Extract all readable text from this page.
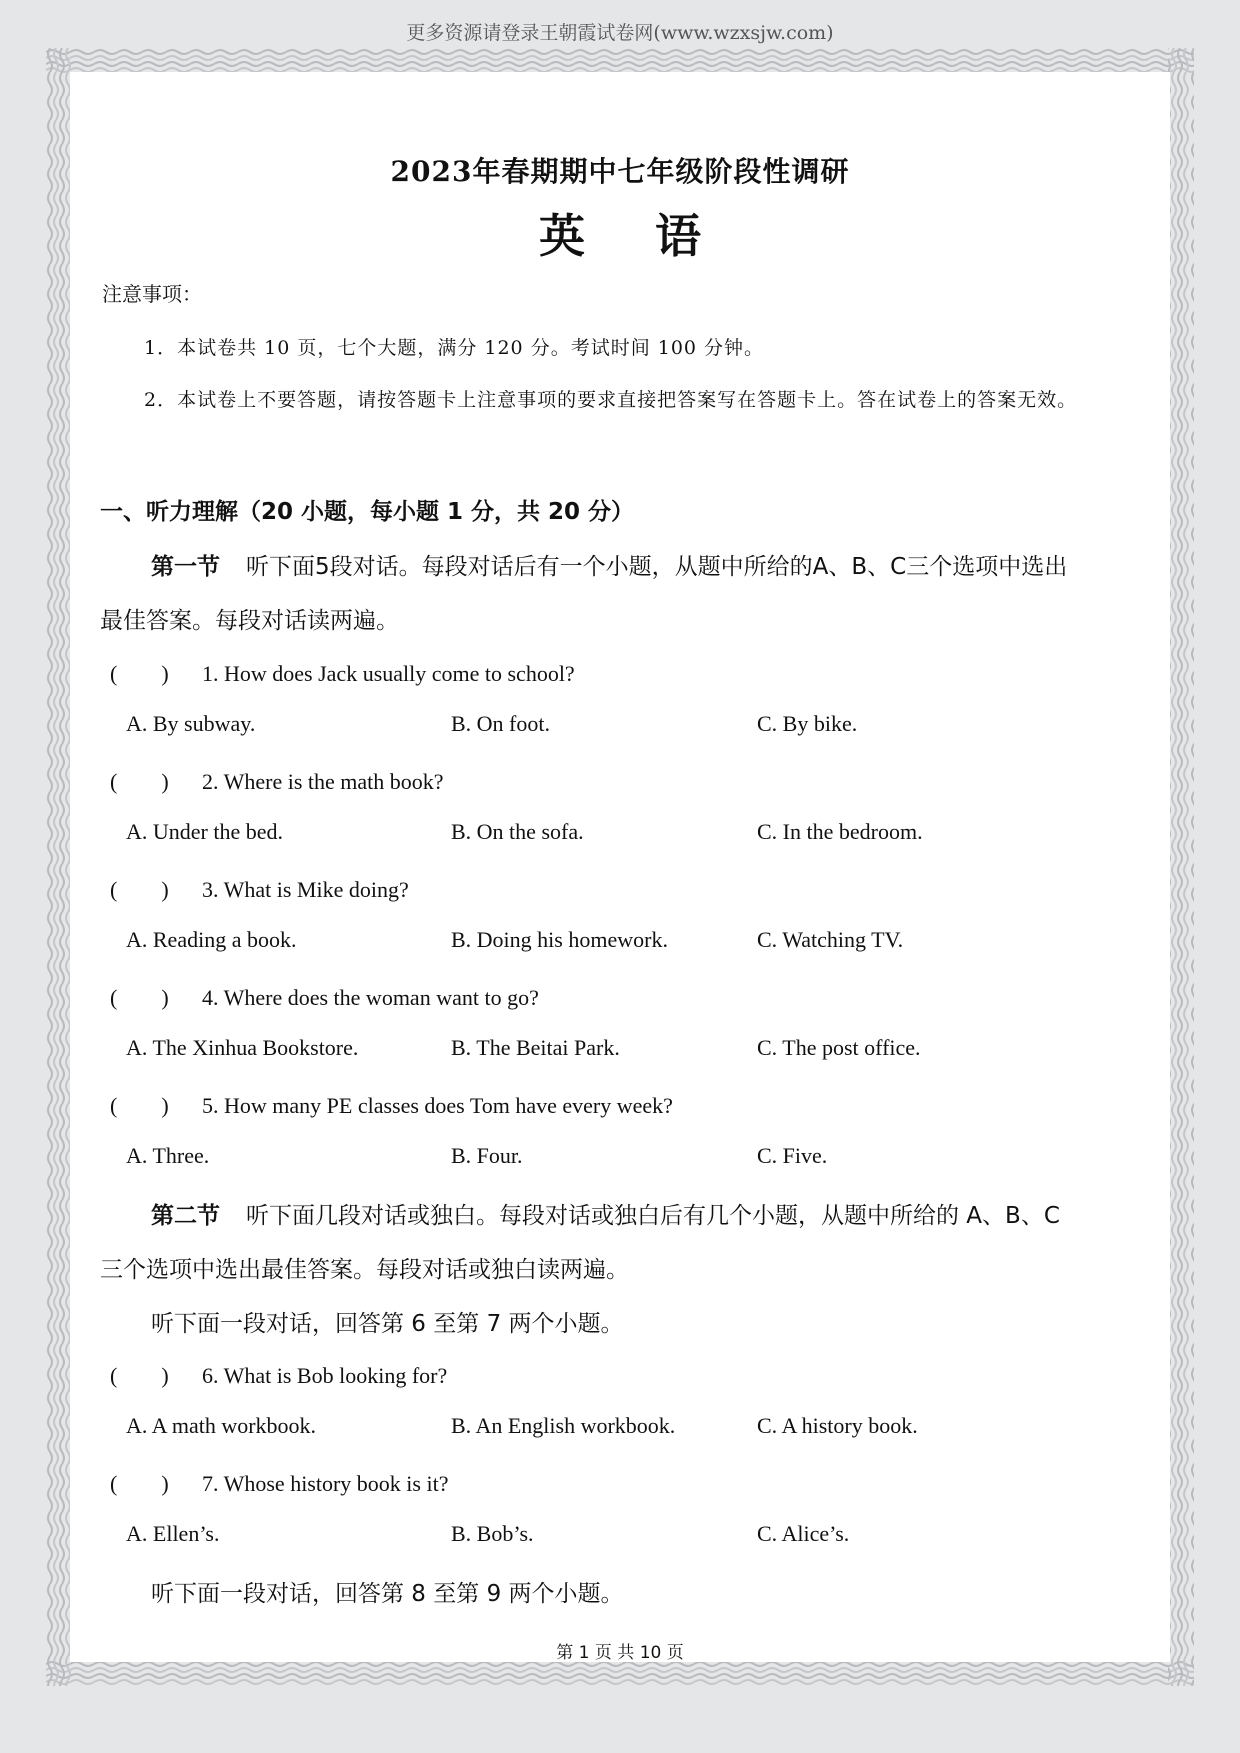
更多资源请登录王朝霞试卷网(www.wzxsjw.com)
2023年春期期中七年级阶段性调研
英语
注意事项：
1．本试卷共 10 页，七个大题，满分 120 分。考试时间 100 分钟。
2．本试卷上不要答题，请按答题卡上注意事项的要求直接把答案写在答题卡上。答在试卷上的答案无效。
一、听力理解（20 小题，每小题 1 分，共 20 分）
第一节 听下面5段对话。每段对话后有一个小题，从题中所给的A、B、C三个选项中选出
最佳答案。每段对话读两遍。
(　　) 1. How does Jack usually come to school?
A. By subway.	B. On foot.	C. By bike.
(　　) 2. Where is the math book?
A. Under the bed.	B. On the sofa.	C. In the bedroom.
(　　) 3. What is Mike doing?
A. Reading a book.	B. Doing his homework.	C. Watching TV.
(　　) 4. Where does the woman want to go?
A. The Xinhua Bookstore.	B. The Beitai Park.	C. The post office.
(　　) 5. How many PE classes does Tom have every week?
A. Three.	B. Four.	C. Five.
第二节 听下面几段对话或独白。每段对话或独白后有几个小题，从题中所给的 A、B、C
三个选项中选出最佳答案。每段对话或独白读两遍。
听下面一段对话，回答第 6 至第 7 两个小题。
(　　) 6. What is Bob looking for?
A. A math workbook.	B. An English workbook.	C. A history book.
(　　) 7. Whose history book is it?
A. Ellen’s.	B. Bob’s.	C. Alice’s.
听下面一段对话，回答第 8 至第 9 两个小题。
第 1 页 共 10 页
